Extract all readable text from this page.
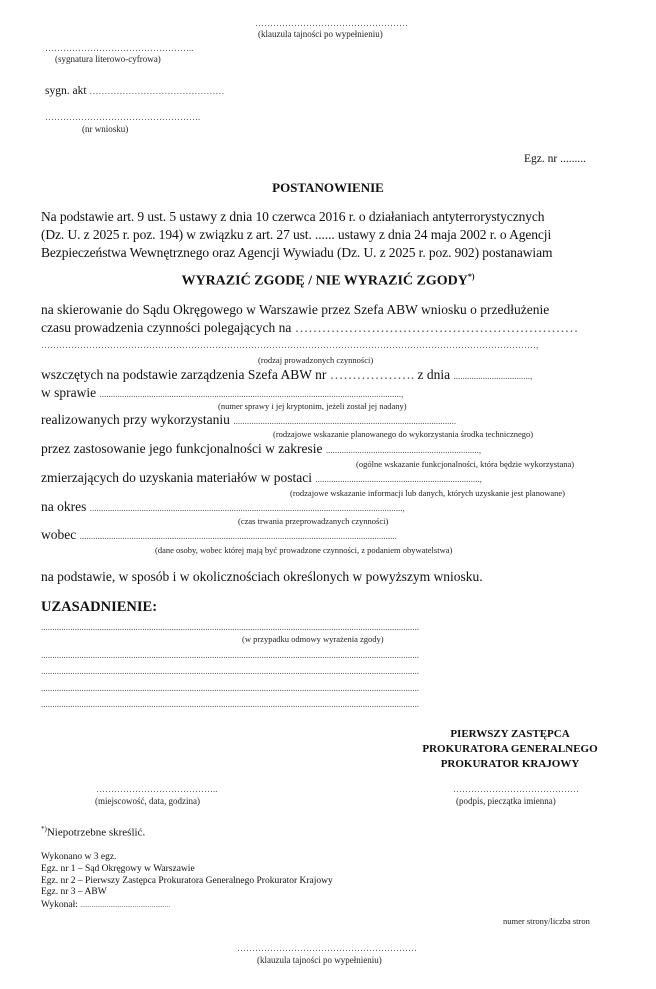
……………………………………………
(klauzula tajności po wypełnieniu)
…………………………………………..
(sygnatura literowo-cyfrowa)
sygn. akt ………………………………………
…………………………………………….
(nr wniosku)
Egz. nr .........
POSTANOWIENIE
Na podstawie art. 9 ust. 5 ustawy z dnia 10 czerwca 2016 r. o działaniach antyterrorystycznych
(Dz. U. z 2025 r. poz. 194) w związku z art. 27 ust. ...... ustawy z dnia 24 maja 2002 r. o Agencji
Bezpieczeństwa Wewnętrznego oraz Agencji Wywiadu (Dz. U. z 2025 r. poz. 902) postanawiam
WYRAZIĆ ZGODĘ / NIE WYRAZIĆ ZGODY*)
na skierowanie do Sądu Okręgowego w Warszawie przez Szefa ABW wniosku o przedłużenie
czasu prowadzenia czynności polegających na ………………………………………………………
…………………………………………………………………………………………………………………………………………………,
(rodzaj prowadzonych czynności)
wszczętych na podstawie zarządzenia Szefa ABW nr ………………. z dnia ..................................,
w sprawie ......................................................................................................................................,
(numer sprawy i jej kryptonim, jeżeli został jej nadany)
realizowanych przy wykorzystaniu ...................................................................................................
(rodzajowe wskazanie planowanego do wykorzystania środka technicznego)
przez zastosowanie jego funkcjonalności w zakresie ....................................................................,
(ogólne wskazanie funkcjonalności, która będzie wykorzystana)
zmierzających do uzyskania materiałów w postaci .........................................................................,
(rodzajowe wskazanie informacji lub danych, których uzyskanie jest planowane)
na okres ...........................................................................................................................................,
(czas trwania przeprowadzanych czynności)
wobec .............................................................................................................................................
(dane osoby, wobec której mają być prowadzone czynności, z podaniem obywatelstwa)
na podstawie, w sposób i w okolicznościach określonych w powyższym wniosku.
UZASADNIENIE:
........................................................................................................................................................................
(w przypadku odmowy wyrażenia zgody)
........................................................................................................................................................................
........................................................................................................................................................................
........................................................................................................................................................................
........................................................................................................................................................................
PIERWSZY ZASTĘPCA
PROKURATORA GENERALNEGO
PROKURATOR KRAJOWY
…………………………………..
(miejscowość, data, godzina)
……………………………………
(podpis, pieczątka imienna)
*)Niepotrzebne skreślić.
Wykonano w 3 egz.
Egz. nr 1 – Sąd Okręgowy w Warszawie
Egz. nr 2 – Pierwszy Zastępca Prokuratora Generalnego Prokurator Krajowy
Egz. nr 3 – ABW
Wykonał: ................................................
numer strony/liczba stron
……………………………………………………
(klauzula tajności po wypełnieniu)
